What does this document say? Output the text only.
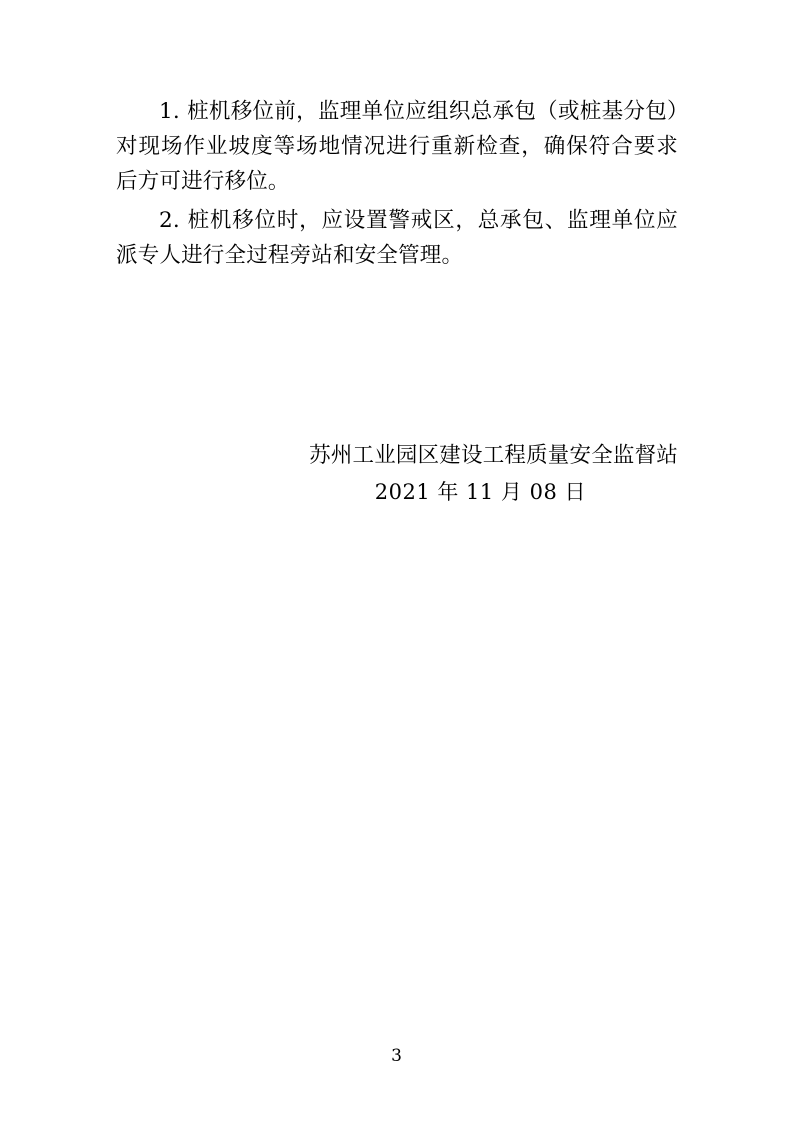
1. 桩机移位前，监理单位应组织总承包（或桩基分包）对现场作业坡度等场地情况进行重新检查，确保符合要求后方可进行移位。

2. 桩机移位时，应设置警戒区，总承包、监理单位应派专人进行全过程旁站和安全管理。

苏州工业园区建设工程质量安全监督站
2021 年 11 月 08 日
3
